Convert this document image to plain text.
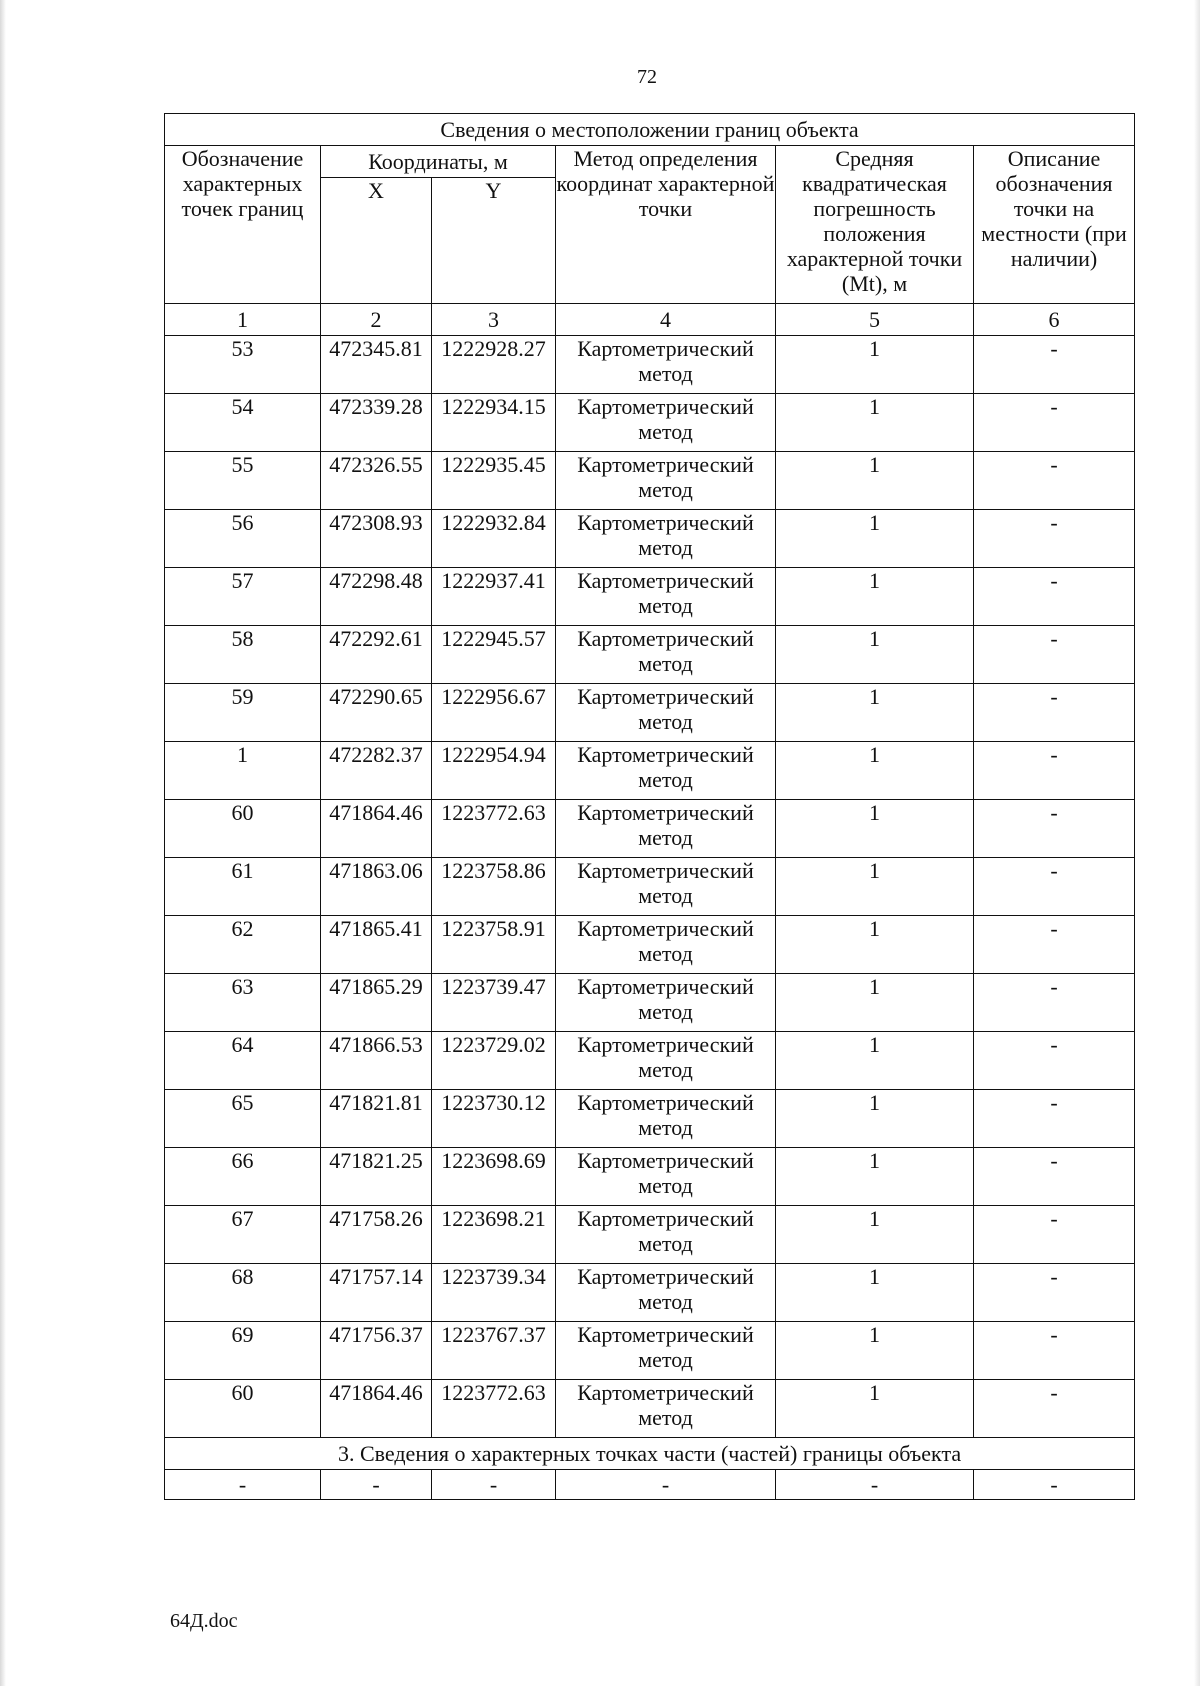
72
Сведения о местоположении границ объекта					
Обозначение характерных точек границ	Координаты, м		Метод определения координат характерной точки	Средняя квадратическая погрешность положения характерной точки (Mt), м	Описание обозначения точки на местности (при наличии)
	X	Y			
1	2	3	4	5	6
53	472345.81	1222928.27	Картометрический метод	1	-
54	472339.28	1222934.15	Картометрический метод	1	-
55	472326.55	1222935.45	Картометрический метод	1	-
56	472308.93	1222932.84	Картометрический метод	1	-
57	472298.48	1222937.41	Картометрический метод	1	-
58	472292.61	1222945.57	Картометрический метод	1	-
59	472290.65	1222956.67	Картометрический метод	1	-
1	472282.37	1222954.94	Картометрический метод	1	-
60	471864.46	1223772.63	Картометрический метод	1	-
61	471863.06	1223758.86	Картометрический метод	1	-
62	471865.41	1223758.91	Картометрический метод	1	-
63	471865.29	1223739.47	Картометрический метод	1	-
64	471866.53	1223729.02	Картометрический метод	1	-
65	471821.81	1223730.12	Картометрический метод	1	-
66	471821.25	1223698.69	Картометрический метод	1	-
67	471758.26	1223698.21	Картометрический метод	1	-
68	471757.14	1223739.34	Картометрический метод	1	-
69	471756.37	1223767.37	Картометрический метод	1	-
60	471864.46	1223772.63	Картометрический метод	1	-
3. Сведения о характерных точках части (частей) границы объекта					
-	-	-	-	-	-
64Д.doc
